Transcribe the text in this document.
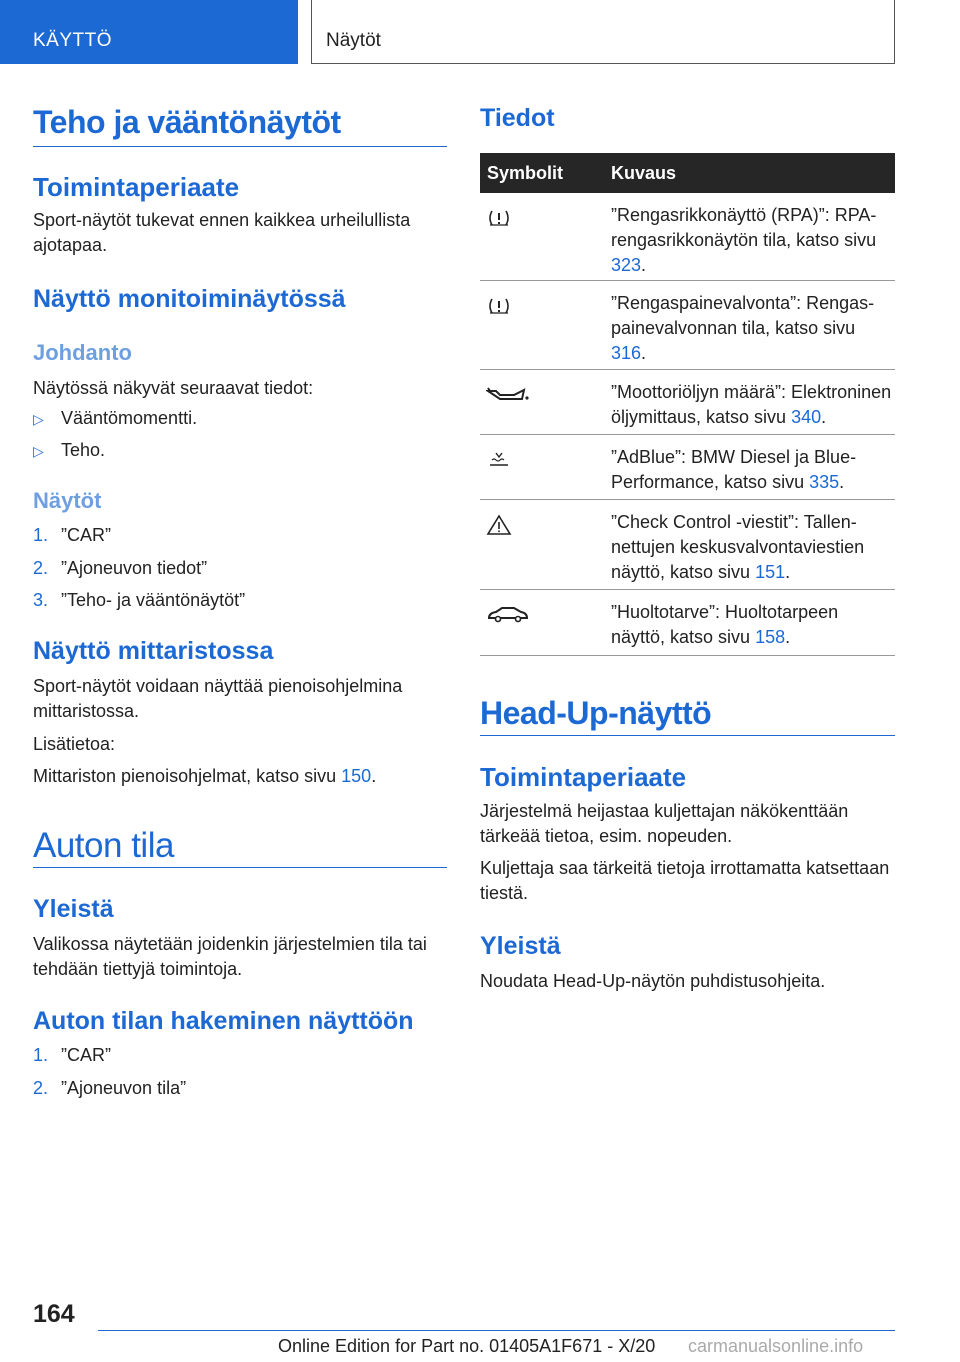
KÄYTTÖ	Näytöt
Teho ja vääntönäytöt
Toimintaperiaate

Sport-näytöt tukevat ennen kaikkea urheilullista ajotapaa.

Näyttö monitoiminäytössä
Johdanto

Näytössä näkyvät seuraavat tiedot:

▷ Vääntömomentti.
▷ Teho.
Näytöt
1. ”CAR”
2. ”Ajoneuvon tiedot”
3. ”Teho- ja vääntönäytöt”
Näyttö mittaristossa

Sport-näytöt voidaan näyttää pienoisohjelmina mittaristossa.

Lisätietoa:

Mittariston pienoisohjelmat, katso sivu 150.

Auton tila
Yleistä

Valikossa näytetään joidenkin järjestelmien tila tai tehdään tiettyjä toimintoja.

Auton tilan hakeminen näyttöön
1. ”CAR”
2. ”Ajoneuvon tila”
Tiedot
Symbolit	Kuvaus
”Rengasrikkonäyttö (RPA)”: RPA-rengasrikkonäytön tila, katso sivu 323.
”Rengaspainevalvonta”: Rengaspainevalvonnan tila, katso sivu 316.
”Moottoriöljyn määrä”: Elektroninen öljymittaus, katso sivu 340.
”AdBlue”: BMW Diesel ja BluePerformance, katso sivu 335.
”Check Control -viestit”: Tallennettujen keskusvalvontaviestien näyttö, katso sivu 151.
”Huoltotarve”: Huoltotarpeen näyttö, katso sivu 158.
Head-Up-näyttö
Toimintaperiaate

Järjestelmä heijastaa kuljettajan näkökenttään tärkeää tietoa, esim. nopeuden.

Kuljettaja saa tärkeitä tietoja irrottamatta katsettaan tiestä.

Yleistä

Noudata Head-Up-näytön puhdistusohjeita.

164
Online Edition for Part no. 01405A1F671 - X/20 carmanualsonline.info
